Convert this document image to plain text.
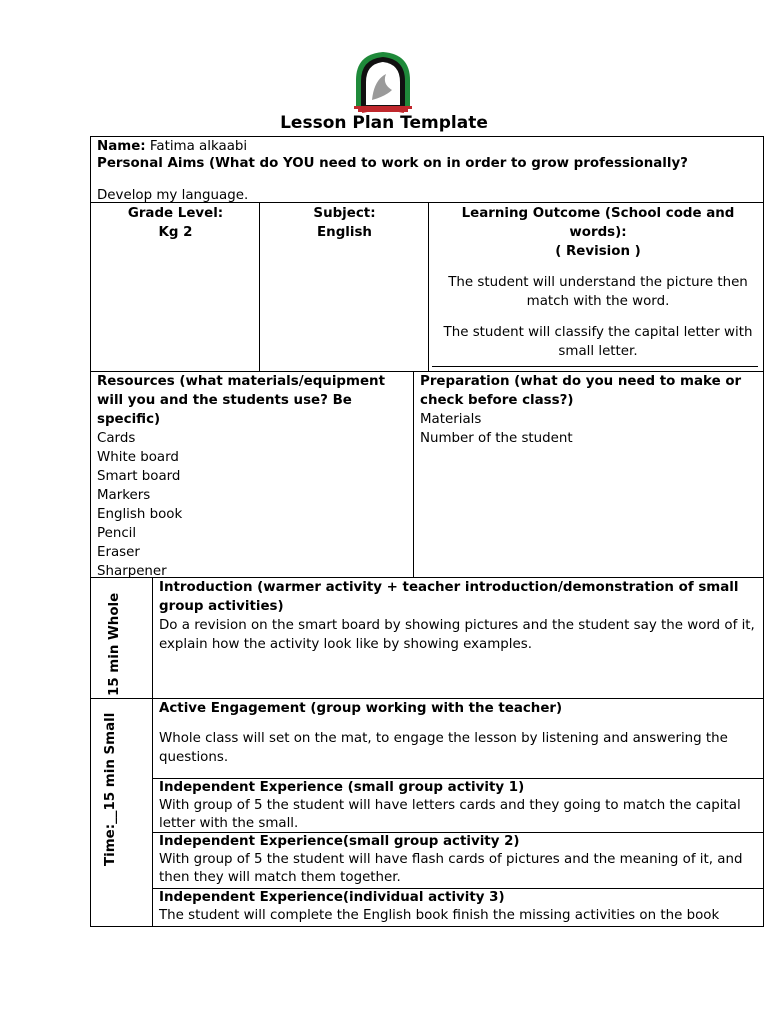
Lesson Plan Template
Name: Fatima alkaabi
Personal Aims (What do YOU need to work on in order to grow professionally?
Develop my language.
Grade Level:
Kg 2
Subject:
English
Learning Outcome (School code and
words):
( Revision )
The student will understand the picture then match with the word.
The student will classify the capital letter with small letter.
Resources (what materials/equipment will you and the students use? Be specific)
Cards
White board
Smart board
Markers
English book
Pencil
Eraser
Sharpener
Preparation (what do you need to make or check before class?)
Materials
Number of the student
15 min Whole
Introduction (warmer activity + teacher introduction/demonstration of small group activities)
Do a revision on the smart board by showing pictures and the student say the word of it, explain how the activity look like by showing examples.
Time:__15 min Small
Active Engagement (group working with the teacher)
Whole class will set on the mat, to engage the lesson by listening and answering the questions.
Independent Experience (small group activity 1)
With group of 5 the student will have letters cards and they going to match the capital letter with the small.
Independent Experience(small group activity 2)
With group of 5 the student will have flash cards of pictures and the meaning of it, and then they will match them together.
Independent Experience(individual activity 3)
The student will complete the English book finish the missing activities on the book
